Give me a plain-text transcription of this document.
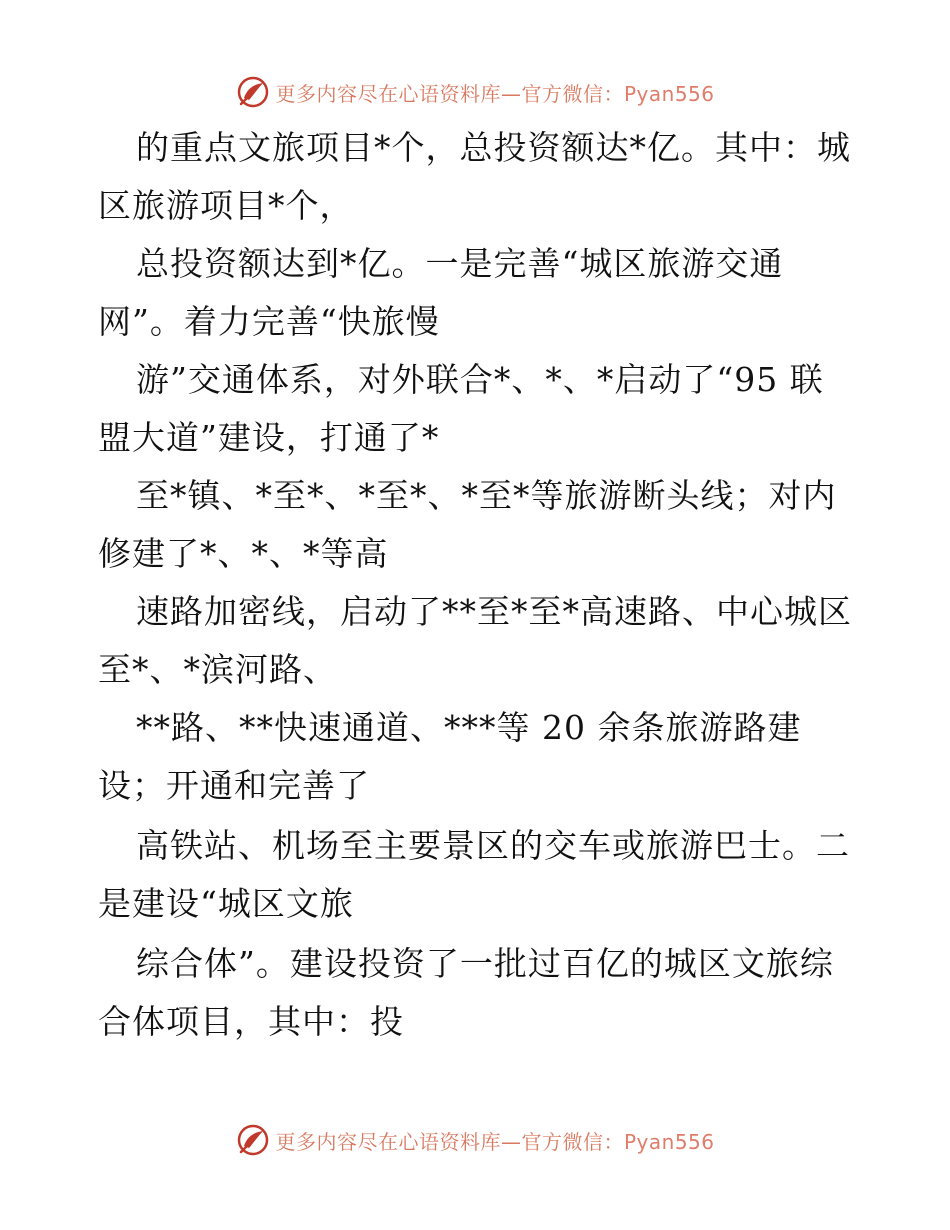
更多内容尽在心语资料库—官方微信：Pyan556
的重点文旅项目*个，总投资额达*亿。其中：城
区旅游项目*个，
总投资额达到*亿。一是完善“城区旅游交通
网”。着力完善“快旅慢
游”交通体系，对外联合*、*、*启动了“95 联
盟大道”建设，打通了*
至*镇、*至*、*至*、*至*等旅游断头线；对内
修建了*、*、*等高
速路加密线，启动了**至*至*高速路、中心城区
至*、*滨河路、
**路、**快速通道、***等 20 余条旅游路建
设；开通和完善了
高铁站、机场至主要景区的交车或旅游巴士。二
是建设“城区文旅
综合体”。建设投资了一批过百亿的城区文旅综
合体项目，其中：投
更多内容尽在心语资料库—官方微信：Pyan556
